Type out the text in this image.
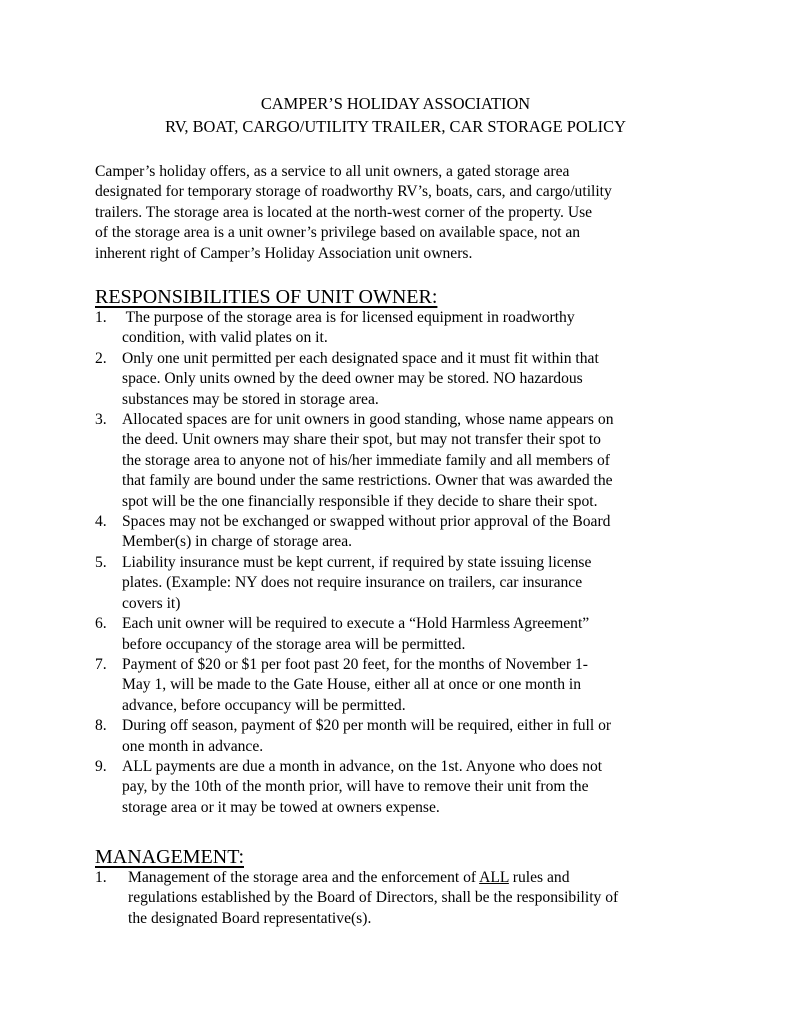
CAMPER’S HOLIDAY ASSOCIATION
RV, BOAT, CARGO/UTILITY TRAILER, CAR STORAGE POLICY
Camper’s holiday offers, as a service to all unit owners, a gated storage area
designated for temporary storage of roadworthy RV’s, boats, cars, and cargo/utility
trailers. The storage area is located at the north-west corner of the property. Use
of the storage area is a unit owner’s privilege based on available space, not an
inherent right of Camper’s Holiday Association unit owners.
RESPONSIBILITIES OF UNIT OWNER:
1. The purpose of the storage area is for licensed equipment in roadworthy
condition, with valid plates on it.
2. Only one unit permitted per each designated space and it must fit within that
space. Only units owned by the deed owner may be stored. NO hazardous
substances may be stored in storage area.
3. Allocated spaces are for unit owners in good standing, whose name appears on
the deed. Unit owners may share their spot, but may not transfer their spot to
the storage area to anyone not of his/her immediate family and all members of
that family are bound under the same restrictions. Owner that was awarded the
spot will be the one financially responsible if they decide to share their spot.
4. Spaces may not be exchanged or swapped without prior approval of the Board
Member(s) in charge of storage area.
5. Liability insurance must be kept current, if required by state issuing license
plates. (Example: NY does not require insurance on trailers, car insurance
covers it)
6. Each unit owner will be required to execute a “Hold Harmless Agreement”
before occupancy of the storage area will be permitted.
7. Payment of $20 or $1 per foot past 20 feet, for the months of November 1-
May 1, will be made to the Gate House, either all at once or one month in
advance, before occupancy will be permitted.
8. During off season, payment of $20 per month will be required, either in full or
one month in advance.
9. ALL payments are due a month in advance, on the 1st. Anyone who does not
pay, by the 10th of the month prior, will have to remove their unit from the
storage area or it may be towed at owners expense.
MANAGEMENT:
1. Management of the storage area and the enforcement of ALL rules and
regulations established by the Board of Directors, shall be the responsibility of
the designated Board representative(s).
